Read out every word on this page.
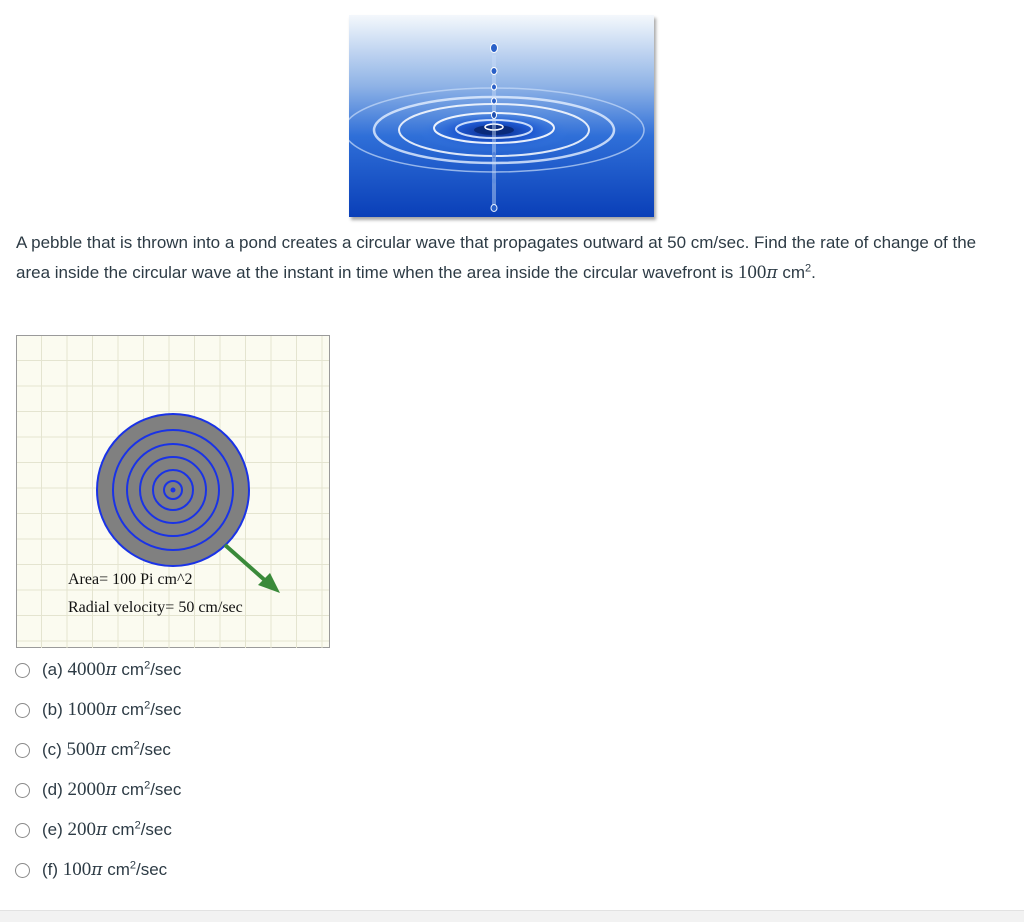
A pebble that is thrown into a pond creates a circular wave that propagates outward at 50 cm/sec. Find the rate of change of the area inside the circular wave at the instant in time when the area inside the circular wavefront is 100π $cm^2$.

Area= 100 Pi cm^2
Radial velocity= 50 cm/sec
(a) 4000π $cm^2/\sec$
(b) 1000π $cm^2/\sec$
(c) 500π $cm^2/\sec$
(d) 2000π $cm^2/\sec$
(e) 200π $cm^2/\sec$
(f) 100π $cm^2/\sec$
